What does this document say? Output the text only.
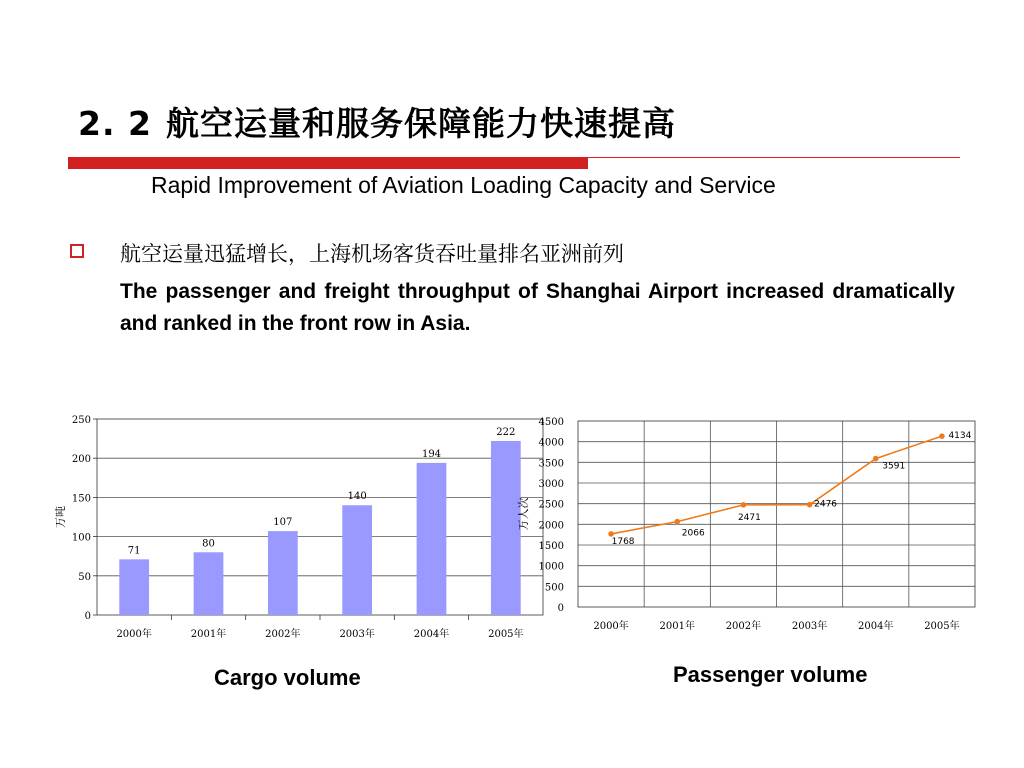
2. 2 航空运量和服务保障能力快速提高
Rapid Improvement of Aviation Loading Capacity and Service
航空运量迅猛增长，上海机场客货吞吐量排名亚洲前列
The passenger and freight throughput of Shanghai Airport increased dramatically and ranked in the front row in Asia.
0
50
100
150
200
250
万吨
71
2000年
80
2001年
107
2002年
140
2003年
194
2004年
222
2005年
0
500
1000
1500
2000
2500
3000
3500
4000
4500
万人次
1768
2000年
2066
2001年
2471
2002年
2476
2003年
3591
2004年
4134
2005年
Cargo volume	Passenger volume
